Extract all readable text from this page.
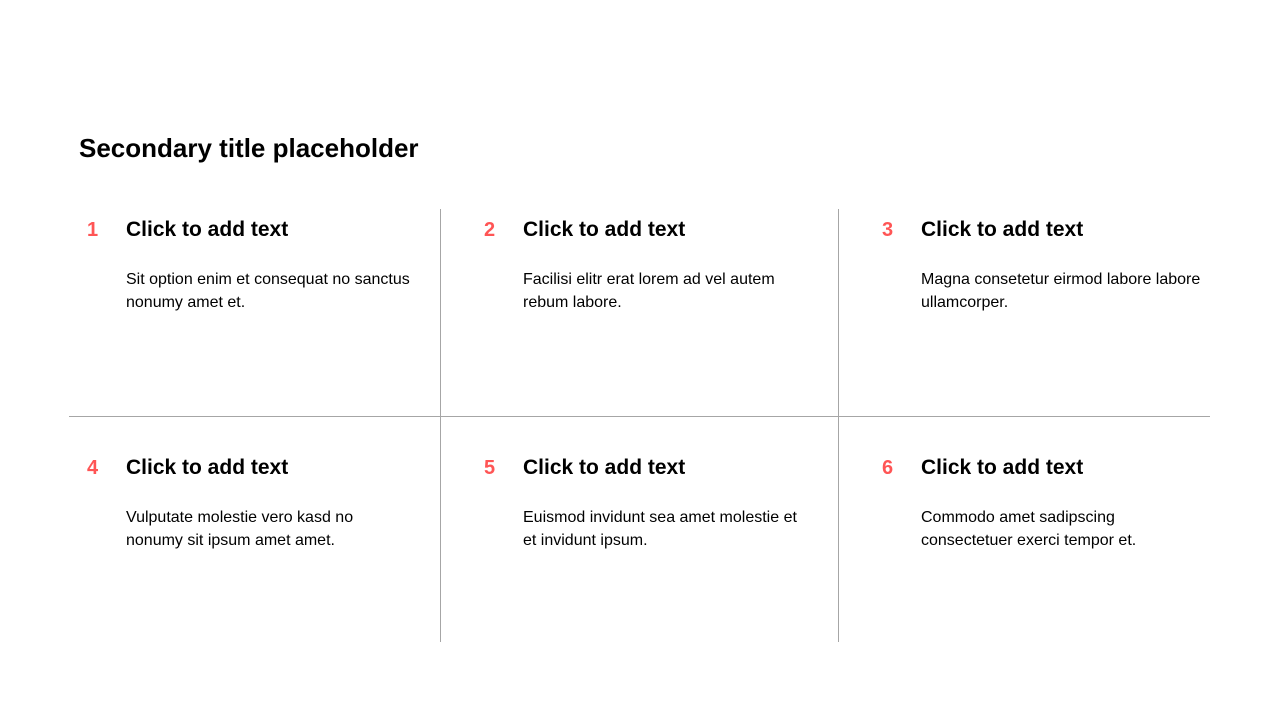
Secondary title placeholder
1 Click to add text
Sit option enim et consequat no sanctus nonumy amet et.
2 Click to add text
Facilisi elitr erat lorem ad vel autem rebum labore.
3 Click to add text
Magna consetetur eirmod labore labore ullamcorper.
4 Click to add text
Vulputate molestie vero kasd no nonumy sit ipsum amet amet.
5 Click to add text
Euismod invidunt sea amet molestie et et invidunt ipsum.
6 Click to add text
Commodo amet sadipscing consectetuer exerci tempor et.
